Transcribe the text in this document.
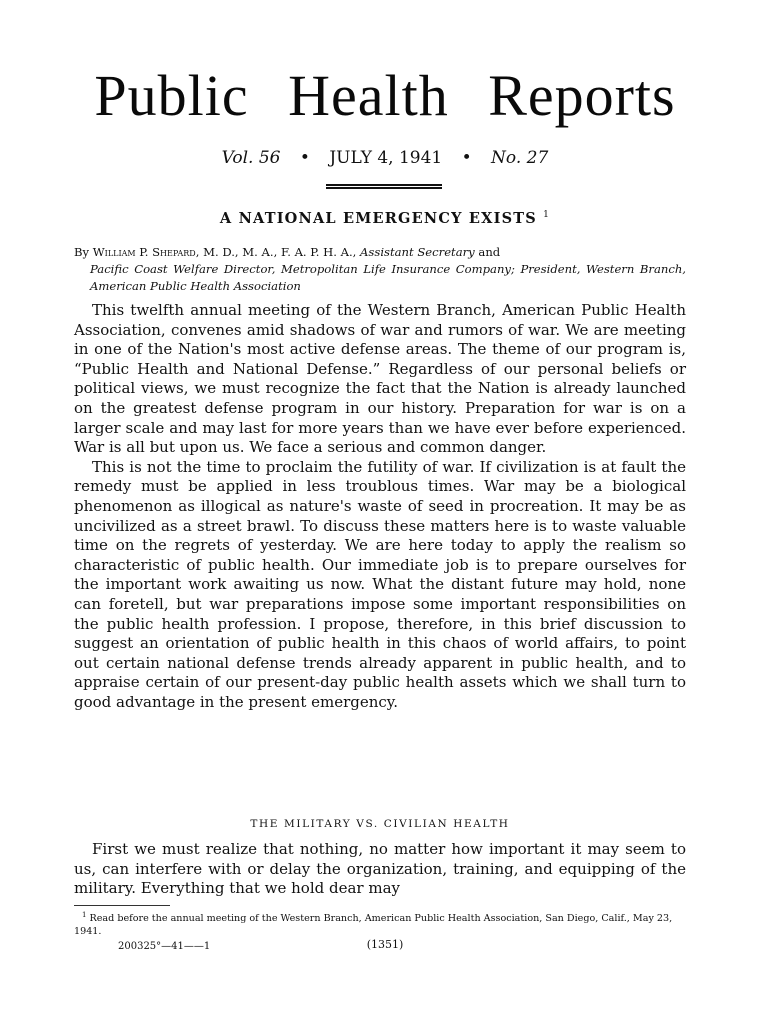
Public Health Reports
Vol. 56 • JULY 4, 1941 • No. 27
A NATIONAL EMERGENCY EXISTS $^1$
By William P. Shepard, M. D., M. A., F. A. P. H. A., Assistant Secretary and
Pacific Coast Welfare Director, Metropolitan Life Insurance Company; President, Western Branch, American Public Health Association

This twelfth annual meeting of the Western Branch, American Public Health Association, convenes amid shadows of war and rumors of war. We are meeting in one of the Nation's most active defense areas. The theme of our program is, “Public Health and National Defense.” Regardless of our personal beliefs or political views, we must recognize the fact that the Nation is already launched on the greatest defense program in our history. Preparation for war is on a larger scale and may last for more years than we have ever before experienced. War is all but upon us. We face a serious and common danger.

This is not the time to proclaim the futility of war. If civilization is at fault the remedy must be applied in less troublous times. War may be a biological phenomenon as illogical as nature's waste of seed in procreation. It may be as uncivilized as a street brawl. To discuss these matters here is to waste valuable time on the regrets of yesterday. We are here today to apply the realism so characteristic of public health. Our immediate job is to prepare ourselves for the important work awaiting us now. What the distant future may hold, none can foretell, but war preparations impose some important responsibilities on the public health profession. I propose, therefore, in this brief discussion to suggest an orientation of public health in this chaos of world affairs, to point out certain national defense trends already apparent in public health, and to appraise certain of our present-day public health assets which we shall turn to good advantage in the present emergency.

THE MILITARY VS. CIVILIAN HEALTH

First we must realize that nothing, no matter how important it may seem to us, can interfere with or delay the organization, training, and equipping of the military. Everything that we hold dear may

$^1$ Read before the annual meeting of the Western Branch, American Public Health Association, San Diego, Calif., May 23, 1941.
200325°—41——1	(1351)
